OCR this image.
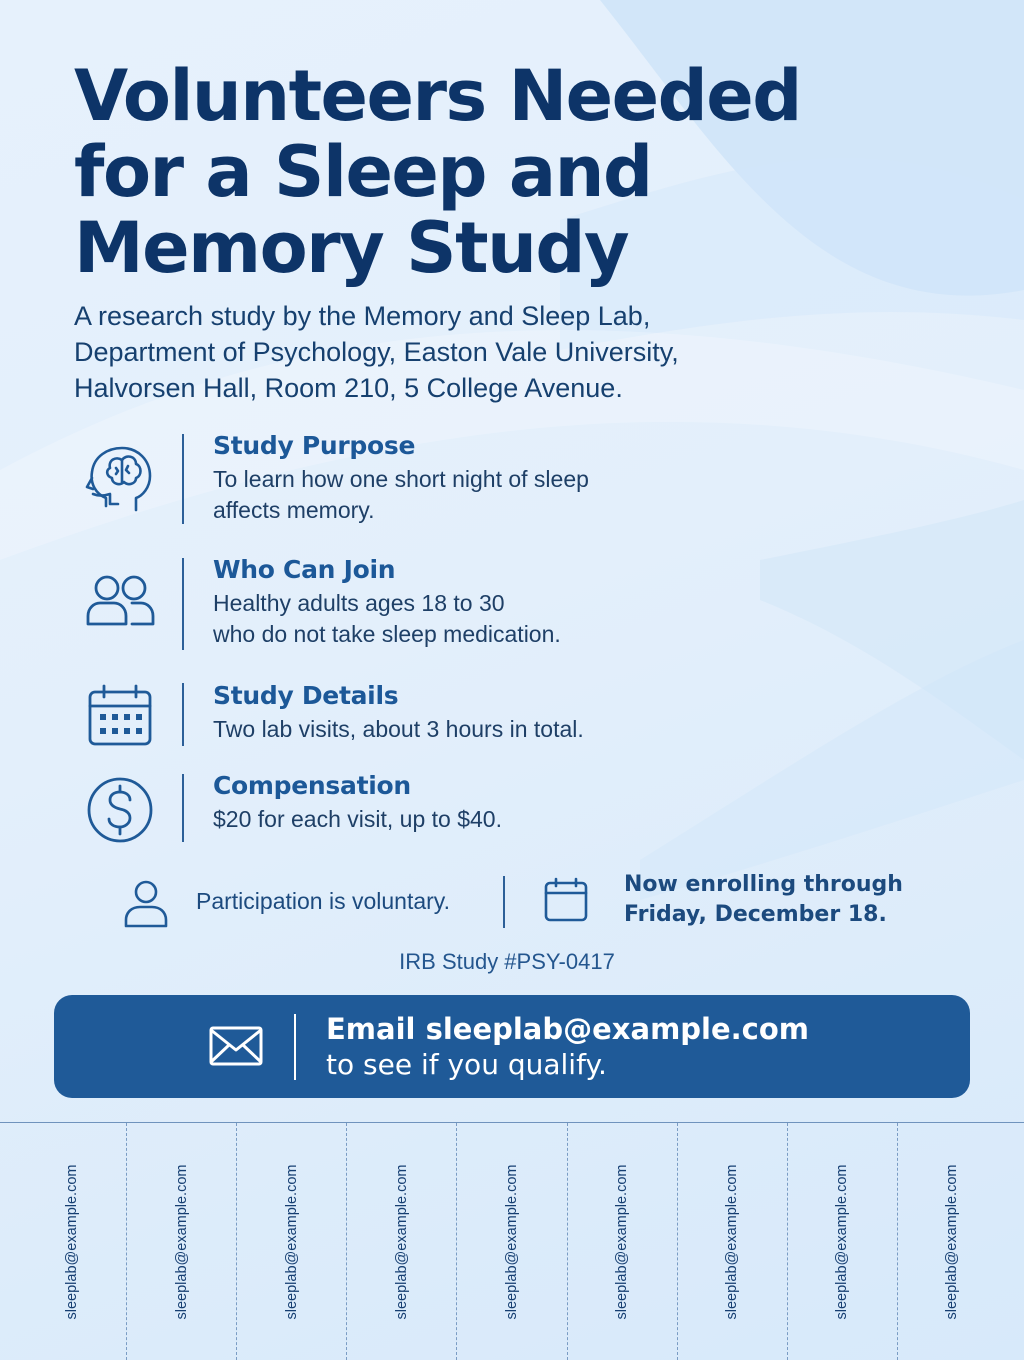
Volunteers Needed for a Sleep and Memory Study

A research study by the Memory and Sleep Lab, Department of Psychology, Easton Vale University, Halvorsen Hall, Room 210, 5 College Avenue.

Study Purpose
To learn how one short night of sleep
affects memory.
Who Can Join
Healthy adults ages 18 to 30
who do not take sleep medication.
Study Details
Two lab visits, about 3 hours in total.
Compensation
$20 for each visit, up to $40.
Participation is voluntary.
Now enrolling through
Friday, December 18.
IRB Study #PSY-0417
Email sleeplab@example.com
to see if you qualify.
sleeplab@example.com	sleeplab@example.com	sleeplab@example.com	sleeplab@example.com	sleeplab@example.com	sleeplab@example.com	sleeplab@example.com	sleeplab@example.com	sleeplab@example.com
